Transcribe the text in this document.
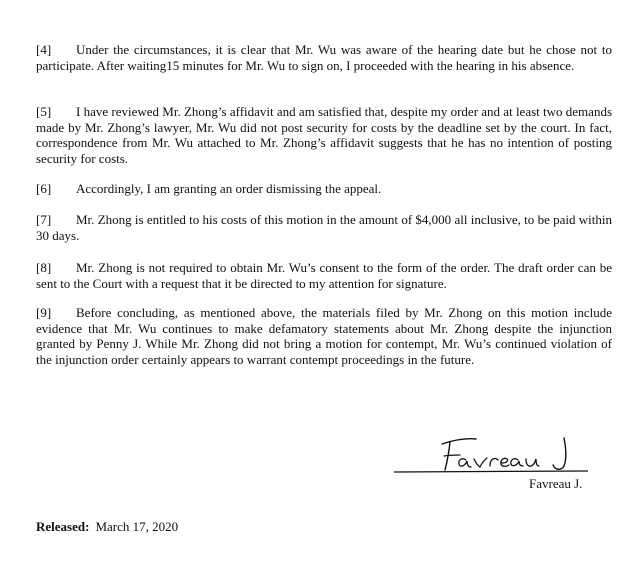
[4] Under the circumstances, it is clear that Mr. Wu was aware of the hearing date but he chose not to participate. After waiting15 minutes for Mr. Wu to sign on, I proceeded with the hearing in his absence.

[5] I have reviewed Mr. Zhong’s affidavit and am satisfied that, despite my order and at least two demands made by Mr. Zhong’s lawyer, Mr. Wu did not post security for costs by the deadline set by the court. In fact, correspondence from Mr. Wu attached to Mr. Zhong’s affidavit suggests that he has no intention of posting security for costs.

[6] Accordingly, I am granting an order dismissing the appeal.

[7] Mr. Zhong is entitled to his costs of this motion in the amount of $4,000 all inclusive, to be paid within 30 days.

[8] Mr. Zhong is not required to obtain Mr. Wu’s consent to the form of the order. The draft order can be sent to the Court with a request that it be directed to my attention for signature.

[9] Before concluding, as mentioned above, the materials filed by Mr. Zhong on this motion include evidence that Mr. Wu continues to make defamatory statements about Mr. Zhong despite the injunction granted by Penny J. While Mr. Zhong did not bring a motion for contempt, Mr. Wu’s continued violation of the injunction order certainly appears to warrant contempt proceedings in the future.

Favreau J.
Released: March 17, 2020
